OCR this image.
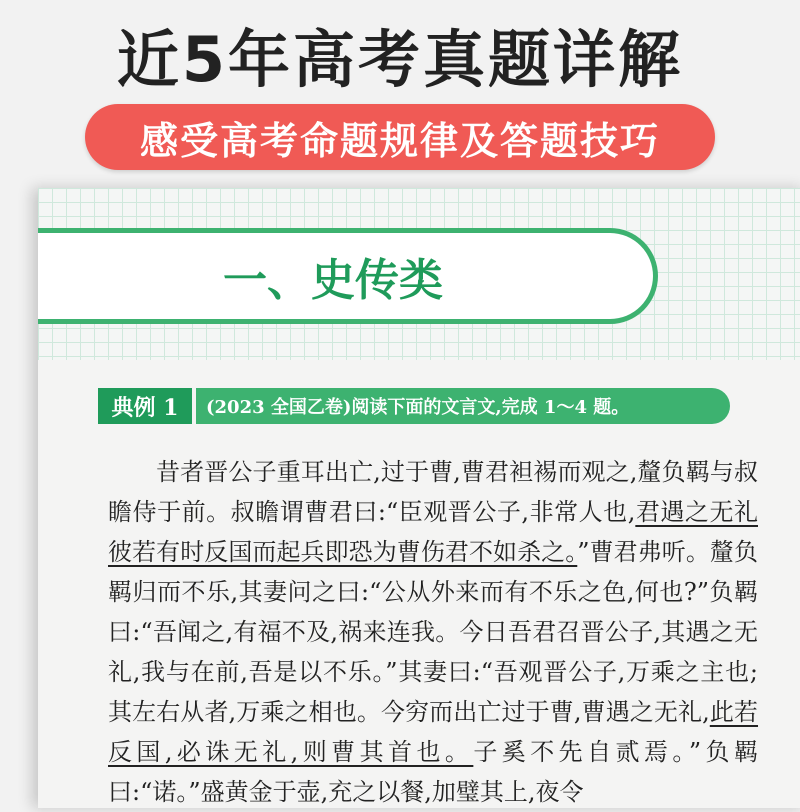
近5年高考真题详解
感受高考命题规律及答题技巧
一、史传类
典例 1	(2023 全国乙卷)阅读下面的文言文,完成 1～4 题。

昔者晋公子重耳出亡,过于曹,曹君袒裼而观之,釐负羁与叔瞻侍于前。叔瞻谓曹君曰:“臣观晋公子,非常人也,君遇之无礼彼若有时反国而起兵即恐为曹伤君不如杀之。”曹君弗听。釐负羁归而不乐,其妻问之曰:“公从外来而有不乐之色,何也?”负羁曰:“吾闻之,有福不及,祸来连我。今日吾君召晋公子,其遇之无礼,我与在前,吾是以不乐。”其妻曰:“吾观晋公子,万乘之主也;其左右从者,万乘之相也。今穷而出亡过于曹,曹遇之无礼,此若反国,必诛无礼,则曹其首也。子奚不先自贰焉。”负羁曰:“诺。”盛黄金于壶,充之以餐,加璧其上,夜令
